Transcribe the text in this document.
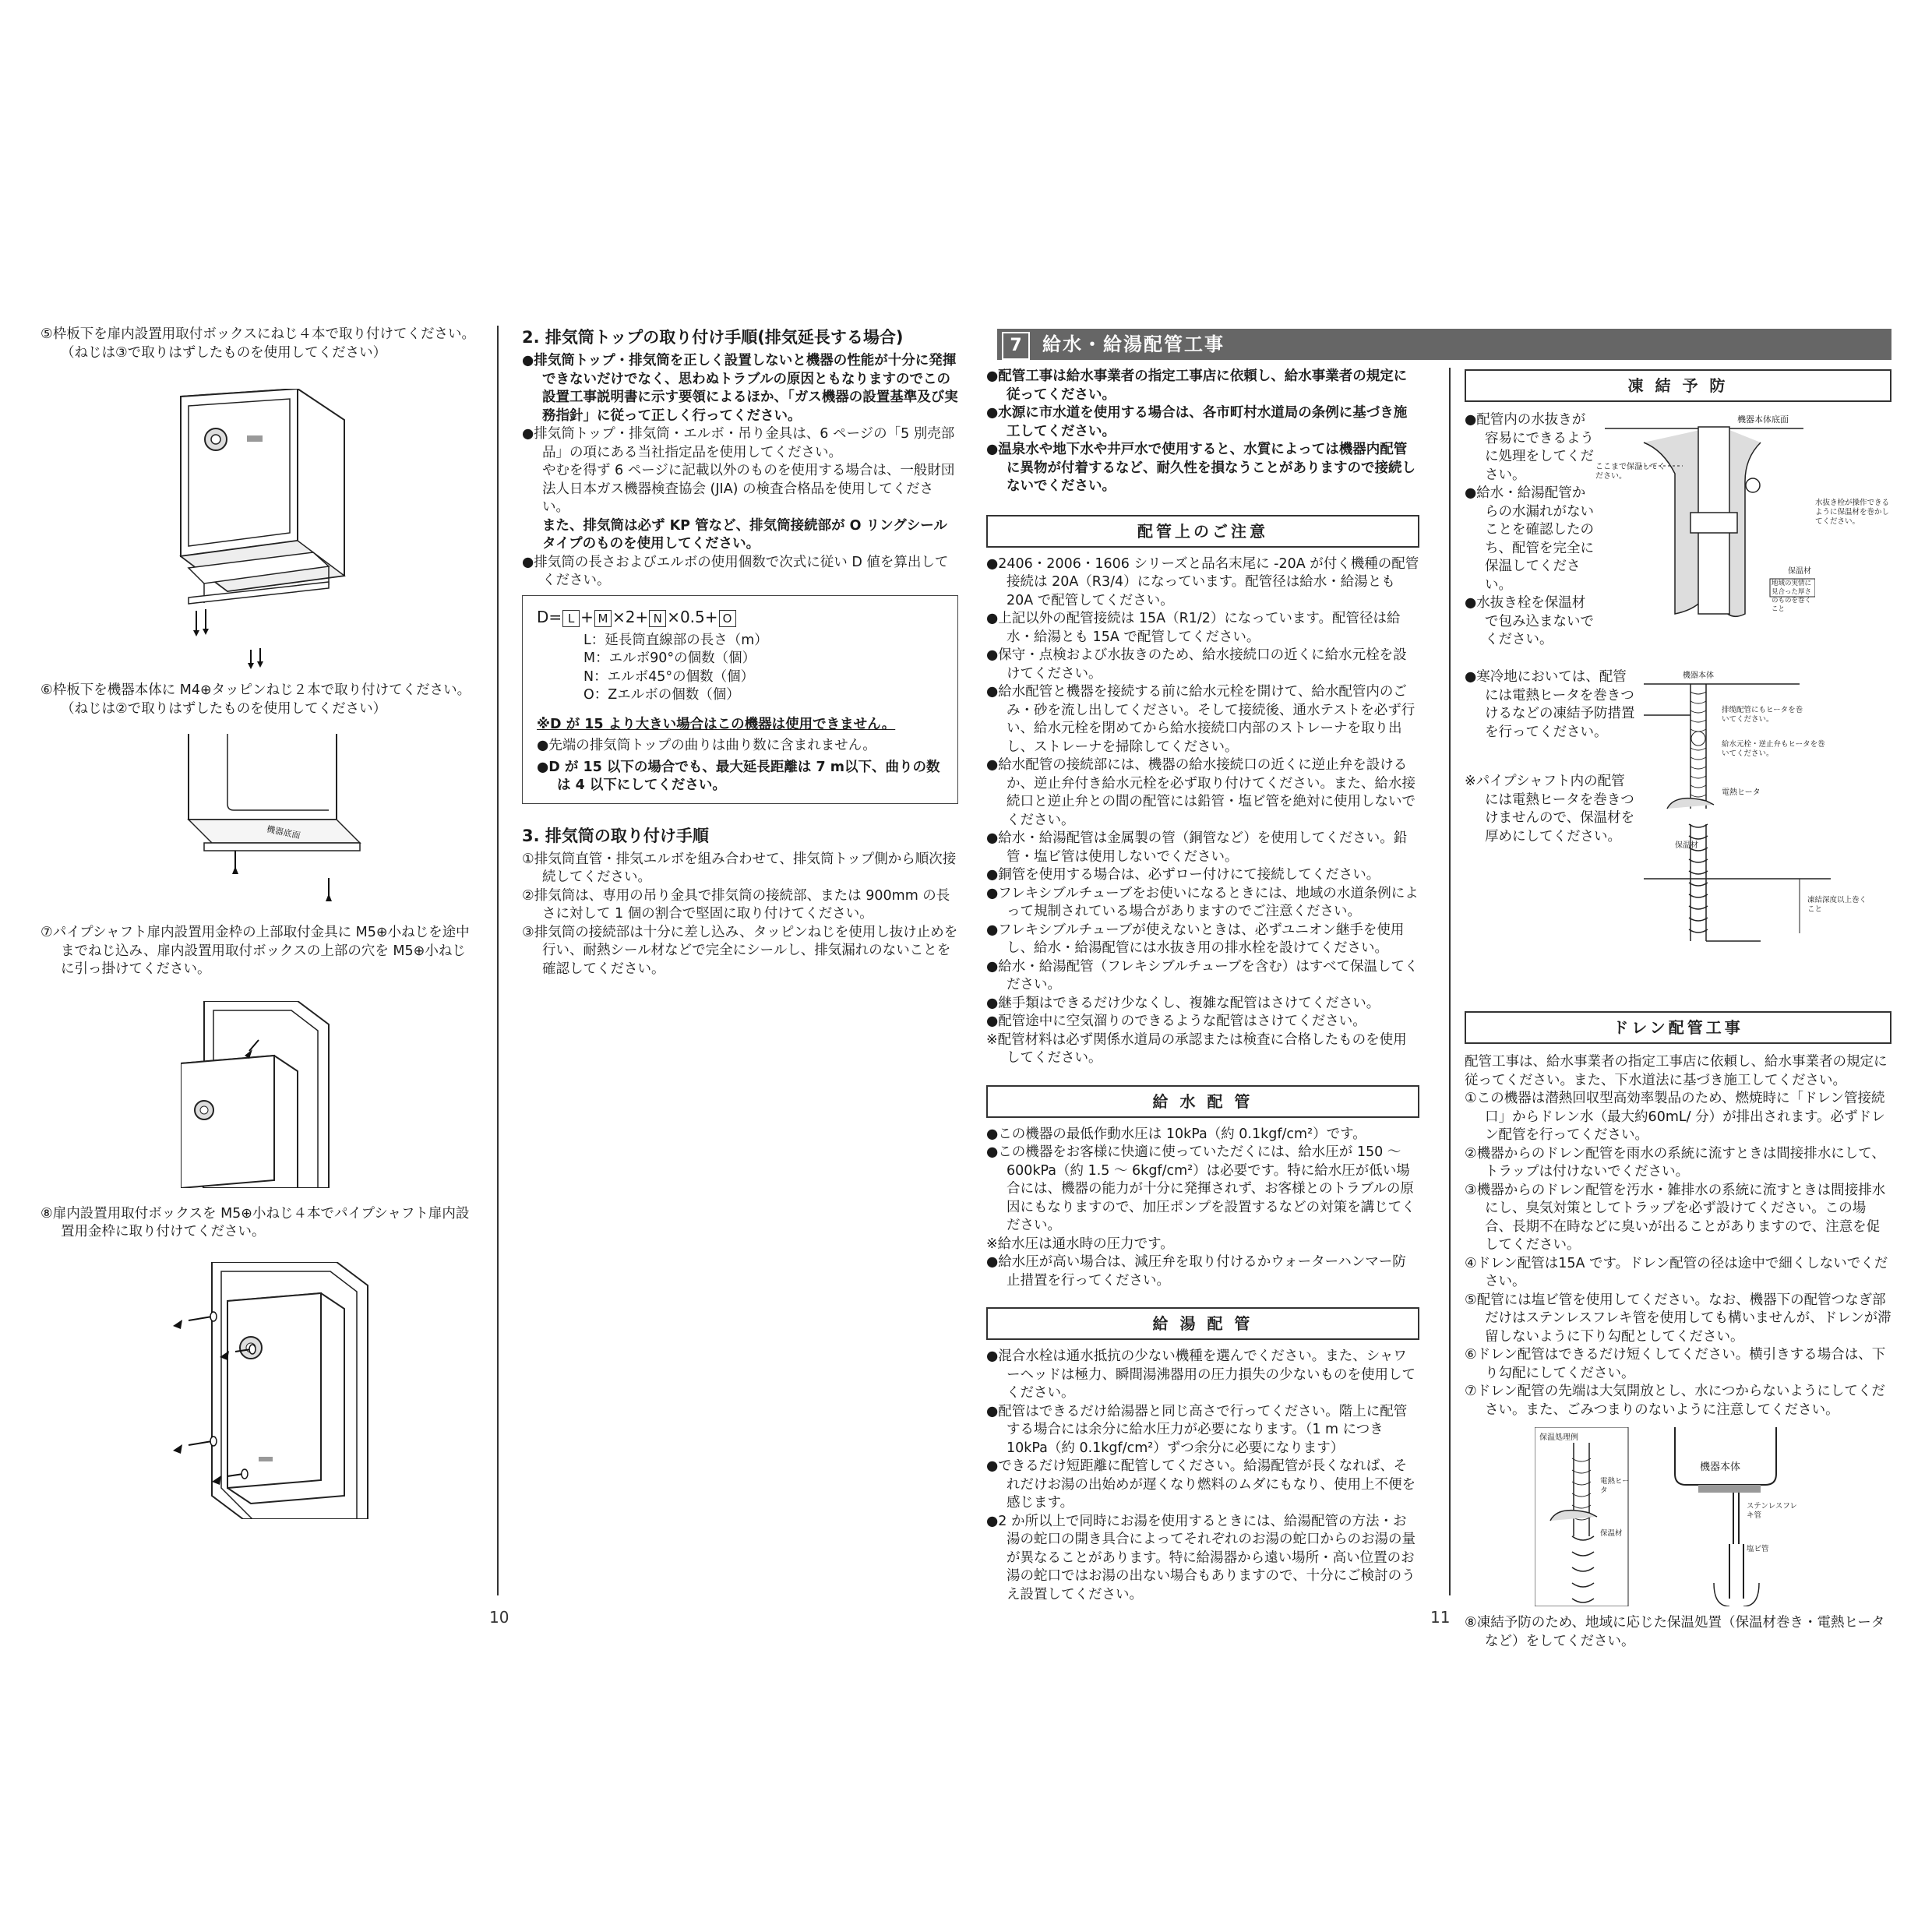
⑤枠板下を扉内設置用取付ボックスにねじ４本で取り付けてください。

（ねじは③で取りはずしたものを使用してください）

⑥枠板下を機器本体に M4⊕タッピンねじ２本で取り付けてください。

（ねじは②で取りはずしたものを使用してください）

機器底面

⑦パイプシャフト扉内設置用金枠の上部取付金具に M5⊕小ねじを途中までねじ込み、扉内設置用取付ボックスの上部の穴を M5⊕小ねじに引っ掛けてください。

⑧扉内設置用取付ボックスを M5⊕小ねじ４本でパイプシャフト扉内設置用金枠に取り付けてください。

2. 排気筒トップの取り付け手順(排気延長する場合)

●排気筒トップ・排気筒を正しく設置しないと機器の性能が十分に発揮できないだけでなく、思わぬトラブルの原因ともなりますのでこの設置工事説明書に示す要領によるほか、「ガス機器の設置基準及び実務指針」に従って正しく行ってください。

●排気筒トップ・排気筒・エルボ・吊り金具は、6 ページの「5 別売部品」の項にある当社指定品を使用してください。

やむを得ず 6 ページに記載以外のものを使用する場合は、一般財団法人日本ガス機器検査協会 (JIA) の検査合格品を使用してください。

また、排気筒は必ず KP 管など、排気筒接続部が O リングシールタイプのものを使用してください。

●排気筒の長さおよびエルボの使用個数で次式に従い D 値を算出してください。

D= L + M ×2+ N ×0.5+ O

L：延長筒直線部の長さ（m）

M：エルボ90°の個数（個）

N：エルボ45°の個数（個）

O：Zエルボの個数（個）

※D が 15 より大きい場合はこの機器は使用できません。

●先端の排気筒トップの曲りは曲り数に含まれません。

●D が 15 以下の場合でも、最大延長距離は 7 m以下、曲りの数は 4 以下にしてください。

3. 排気筒の取り付け手順

①排気筒直管・排気エルボを組み合わせて、排気筒トップ側から順次接続してください。

②排気筒は、専用の吊り金具で排気筒の接続部、または 900mm の長さに対して 1 個の割合で堅固に取り付けてください。

③排気筒の接続部は十分に差し込み、タッピンねじを使用し抜け止めを行い、耐熱シール材などで完全にシールし、排気漏れのないことを確認してください。

10
7	給水・給湯配管工事

●配管工事は給水事業者の指定工事店に依頼し、給水事業者の規定に従ってください。

●水源に市水道を使用する場合は、各市町村水道局の条例に基づき施工してください。

●温泉水や地下水や井戸水で使用すると、水質によっては機器内配管に異物が付着するなど、耐久性を損なうことがありますので接続しないでください。

配管上のご注意

●2406・2006・1606 シリーズと品名末尾に -20A が付く機種の配管接続は 20A（R3/4）になっています。配管径は給水・給湯とも 20A で配管してください。

●上記以外の配管接続は 15A（R1/2）になっています。配管径は給水・給湯とも 15A で配管してください。

●保守・点検および水抜きのため、給水接続口の近くに給水元栓を設けてください。

●給水配管と機器を接続する前に給水元栓を開けて、給水配管内のごみ・砂を流し出してください。そして接続後、通水テストを必ず行い、給水元栓を閉めてから給水接続口内部のストレーナを取り出し、ストレーナを掃除してください。

●給水配管の接続部には、機器の給水接続口の近くに逆止弁を設けるか、逆止弁付き給水元栓を必ず取り付けてください。また、給水接続口と逆止弁との間の配管には鉛管・塩ビ管を絶対に使用しないでください。

●給水・給湯配管は金属製の管（銅管など）を使用してください。鉛管・塩ビ管は使用しないでください。

●銅管を使用する場合は、必ずロー付けにて接続してください。

●フレキシブルチューブをお使いになるときには、地域の水道条例によって規制されている場合がありますのでご注意ください。

●フレキシブルチューブが使えないときは、必ずユニオン継手を使用し、給水・給湯配管には水抜き用の排水栓を設けてください。

●給水・給湯配管（フレキシブルチューブを含む）はすべて保温してください。

●継手類はできるだけ少なくし、複雑な配管はさけてください。

●配管途中に空気溜りのできるような配管はさけてください。

※配管材料は必ず関係水道局の承認または検査に合格したものを使用してください。

給 水 配 管

●この機器の最低作動水圧は 10kPa（約 0.1kgf/cm²）です。

●この機器をお客様に快適に使っていただくには、給水圧が 150 ～ 600kPa（約 1.5 ～ 6kgf/cm²）は必要です。特に給水圧が低い場合には、機器の能力が十分に発揮されず、お客様とのトラブルの原因にもなりますので、加圧ポンプを設置するなどの対策を講じてください。

※給水圧は通水時の圧力です。

●給水圧が高い場合は、減圧弁を取り付けるかウォーターハンマー防止措置を行ってください。

給 湯 配 管

●混合水栓は通水抵抗の少ない機種を選んでください。また、シャワーヘッドは極力、瞬間湯沸器用の圧力損失の少ないものを使用してください。

●配管はできるだけ給湯器と同じ高さで行ってください。階上に配管する場合には余分に給水圧力が必要になります。（1 m につき 10kPa（約 0.1kgf/cm²）ずつ余分に必要になります）

●できるだけ短距離に配管してください。給湯配管が長くなれば、それだけお湯の出始めが遅くなり燃料のムダにもなり、使用上不便を感じます。

●2 か所以上で同時にお湯を使用するときには、給湯配管の方法・お湯の蛇口の開き具合によってそれぞれのお湯の蛇口からのお湯の量が異なることがあります。特に給湯器から遠い場所・高い位置のお湯の蛇口ではお湯の出ない場合もありますので、十分にご検討のうえ設置してください。

11
凍 結 予 防

●配管内の水抜きが容易にできるように処理をしてください。

●給水・給湯配管からの水漏れがないことを確認したのち、配管を完全に保温してください。

●水抜き栓を保温材で包み込まないでください。

機器本体底面
ここまで保温してください。
水抜き栓が操作できるように保温材を巻かしてください。
保温材
地域の実情に見合った厚さのものを巻くこと

●寒冷地においては、配管には電熱ヒータを巻きつけるなどの凍結予防措置を行ってください。

※パイプシャフト内の配管には電熱ヒータを巻きつけませんので、保温材を厚めにしてください。

機器本体
排缆配管にもヒータを巻いてください。
給水元栓・逆止弁もヒータを巻いてください。
電熱ヒータ
保温材
凍結深度以上巻くこと
ドレン配管工事

配管工事は、給水事業者の指定工事店に依頼し、給水事業者の規定に従ってください。また、下水道法に基づき施工してください。

①この機器は潜熱回収型高効率製品のため、燃焼時に「ドレン管接続口」からドレン水（最大約60mL/ 分）が排出されます。必ずドレン配管を行ってください。

②機器からのドレン配管を雨水の系統に流すときは間接排水にして、トラップは付けないでください。

③機器からのドレン配管を汚水・雑排水の系統に流すときは間接排水にし、臭気対策としてトラップを必ず設けてください。この場合、長期不在時などに臭いが出ることがありますので、注意を促してください。

④ドレン配管は15A です。ドレン配管の径は途中で細くしないでください。

⑤配管には塩ビ管を使用してください。なお、機器下の配管つなぎ部だけはステンレスフレキ管を使用しても構いませんが、ドレンが滞留しないように下り勾配としてください。

⑥ドレン配管はできるだけ短くしてください。横引きする場合は、下り勾配にしてください。

⑦ドレン配管の先端は大気開放とし、水につからないようにしてください。また、ごみつまりのないように注意してください。

保温処理例
電熱ヒータ
保温材
機器本体
ステンレスフレキ管
塩ビ管

⑧凍結予防のため、地域に応じた保温処置（保温材巻き・電熱ヒータなど）をしてください。
